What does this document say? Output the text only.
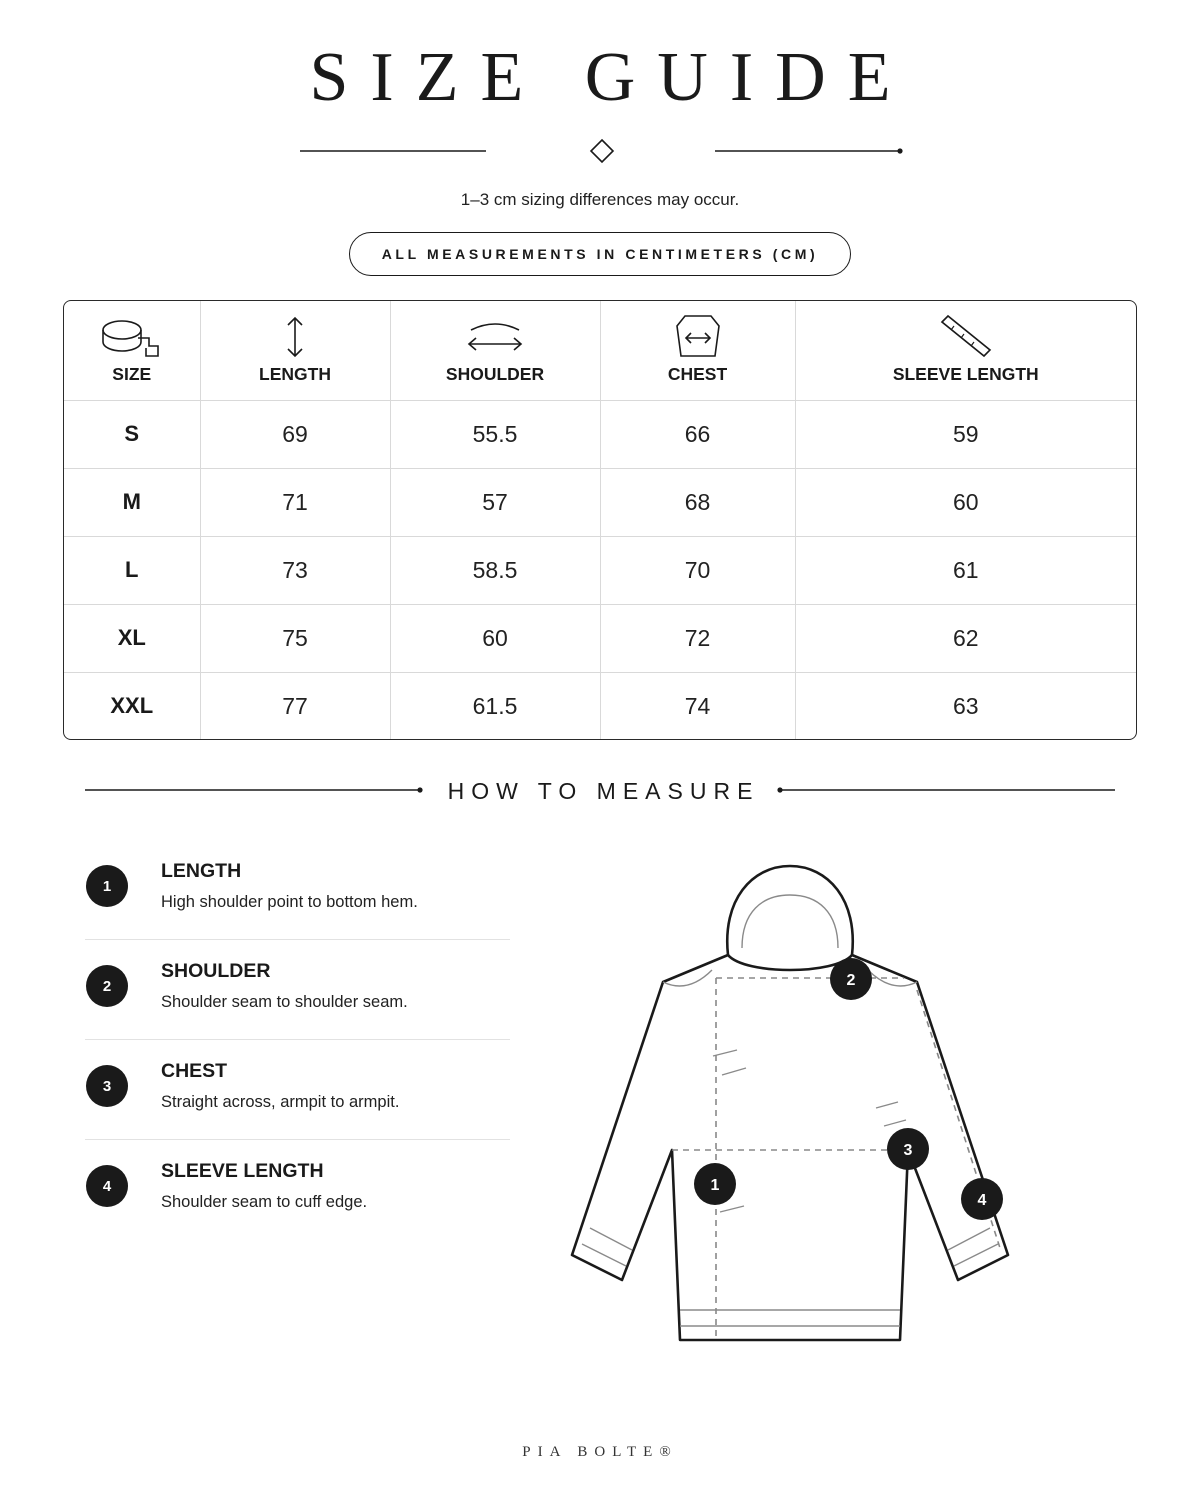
SIZE GUIDE
1–3 cm sizing differences may occur.
ALL MEASUREMENTS IN CENTIMETERS (CM)
SIZE	LENGTH	SHOULDER	CHEST	SLEEVE LENGTH
S	69	55.5	66	59
M	71	57	68	60
L	73	58.5	70	61
XL	75	60	72	62
XXL	77	61.5	74	63
HOW TO MEASURE
1
LENGTH
High shoulder point to bottom hem.
2
SHOULDER
Shoulder seam to shoulder seam.
3
CHEST
Straight across, armpit to armpit.
4
SLEEVE LENGTH
Shoulder seam to cuff edge.
1
2
3
4
PIA BOLTE®
